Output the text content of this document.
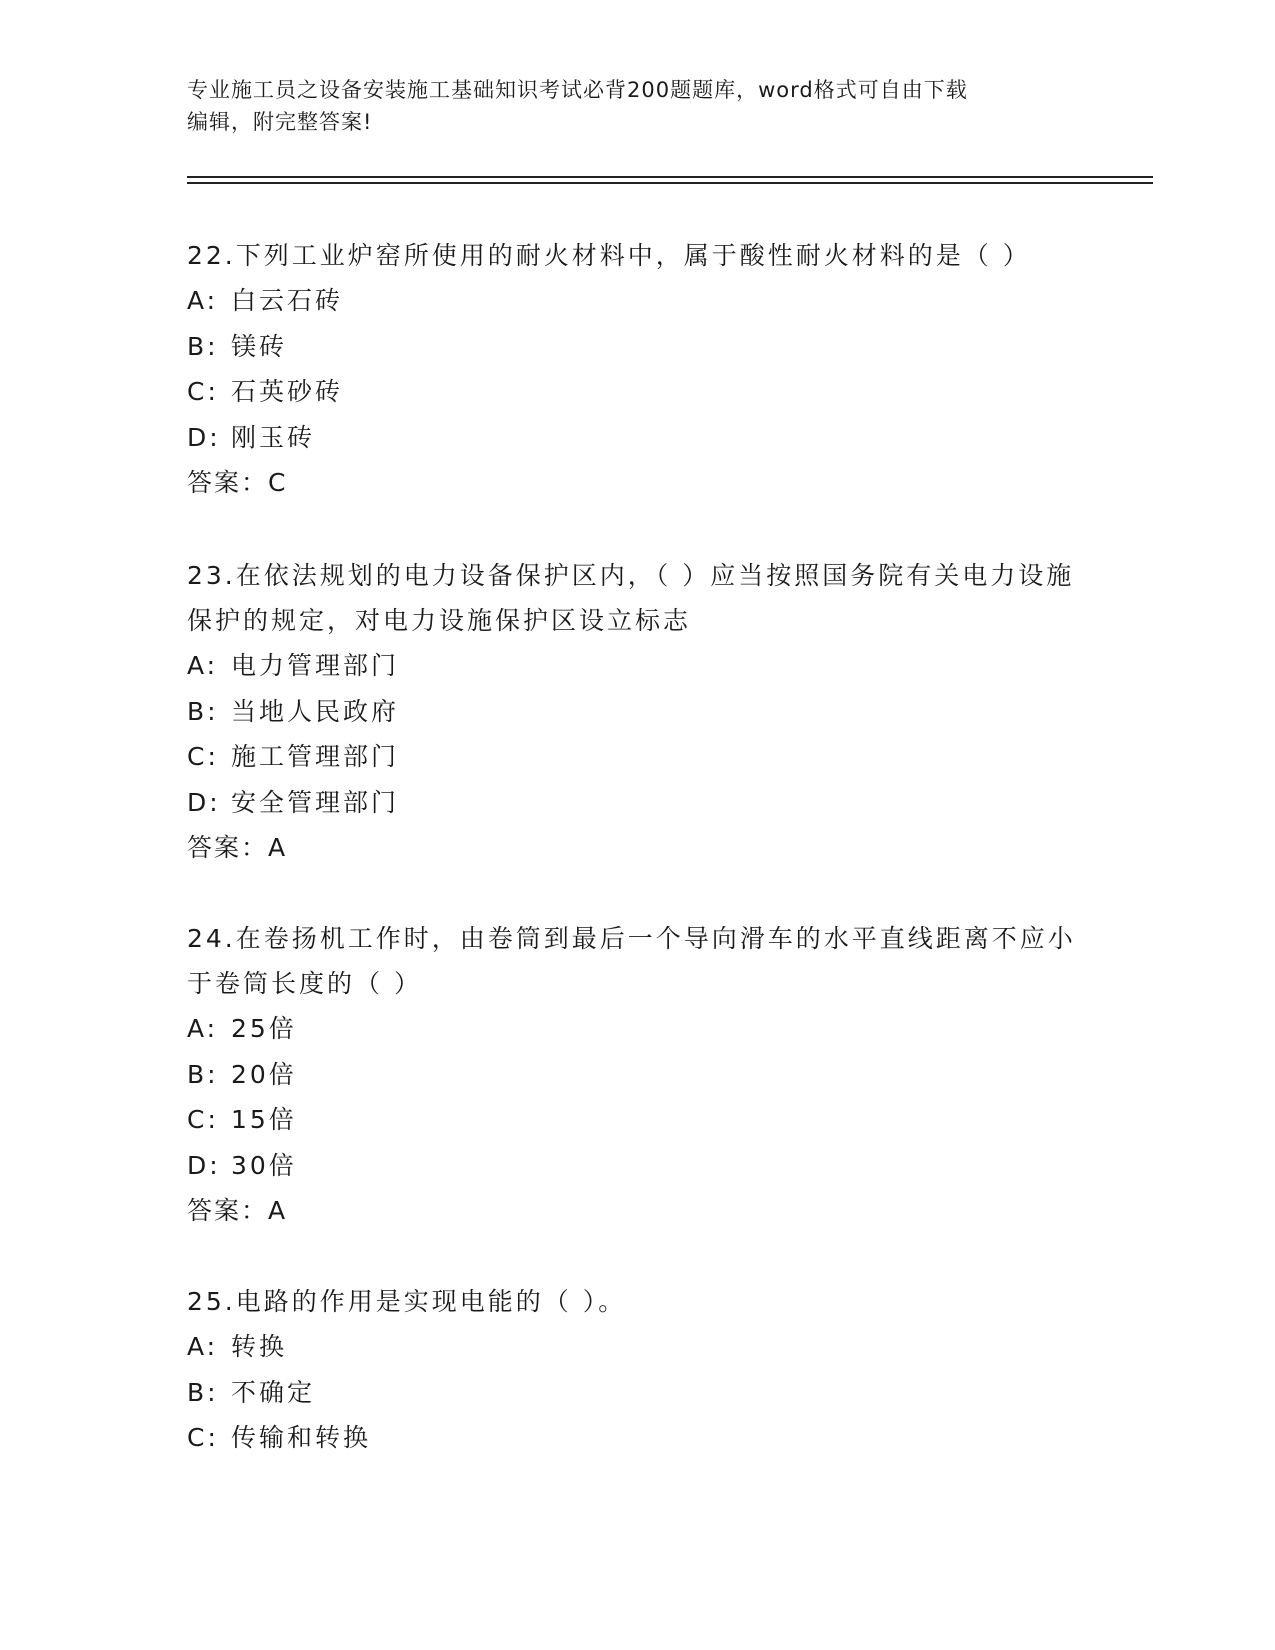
专业施工员之设备安装施工基础知识考试必背200题题库，word格式可自由下载
编辑，附完整答案!

22.下列工业炉窑所使用的耐火材料中，属于酸性耐火材料的是（ ）

A: 白云石砖

B: 镁砖

C: 石英砂砖

D: 刚玉砖

答案：C

23.在依法规划的电力设备保护区内，（ ）应当按照国务院有关电力设施保护的规定，对电力设施保护区设立标志

A: 电力管理部门

B: 当地人民政府

C: 施工管理部门

D: 安全管理部门

答案：A

24.在卷扬机工作时，由卷筒到最后一个导向滑车的水平直线距离不应小于卷筒长度的（ ）

A: 25倍

B: 20倍

C: 15倍

D: 30倍

答案：A

25.电路的作用是实现电能的（ ）。

A: 转换

B: 不确定

C: 传输和转换
